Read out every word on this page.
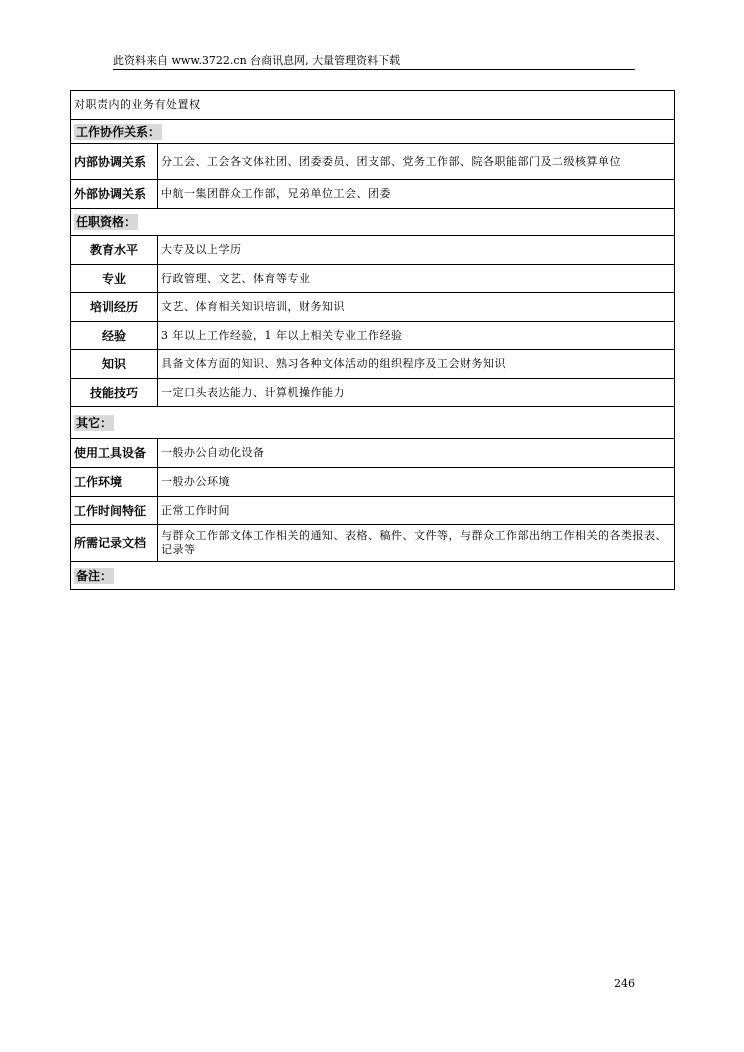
此资料来自 www.3722.cn 台商讯息网, 大量管理资料下载
对职责内的业务有处置权	
工作协作关系：	
内部协调关系	分工会、工会各文体社团、团委委员、团支部、党务工作部、院各职能部门及二级核算单位
外部协调关系	中航一集团群众工作部，兄弟单位工会、团委
任职资格：	
教育水平	大专及以上学历
专业	行政管理、文艺、体育等专业
培训经历	文艺、体育相关知识培训，财务知识
经验	3 年以上工作经验，1 年以上相关专业工作经验
知识	具备文体方面的知识、熟习各种文体活动的组织程序及工会财务知识
技能技巧	一定口头表达能力、计算机操作能力
其它：	
使用工具设备	一般办公自动化设备
工作环境	一般办公环境
工作时间特征	正常工作时间
所需记录文档	与群众工作部文体工作相关的通知、表格、稿件、文件等，与群众工作部出纳工作相关的各类报表、记录等
备注：	
246
